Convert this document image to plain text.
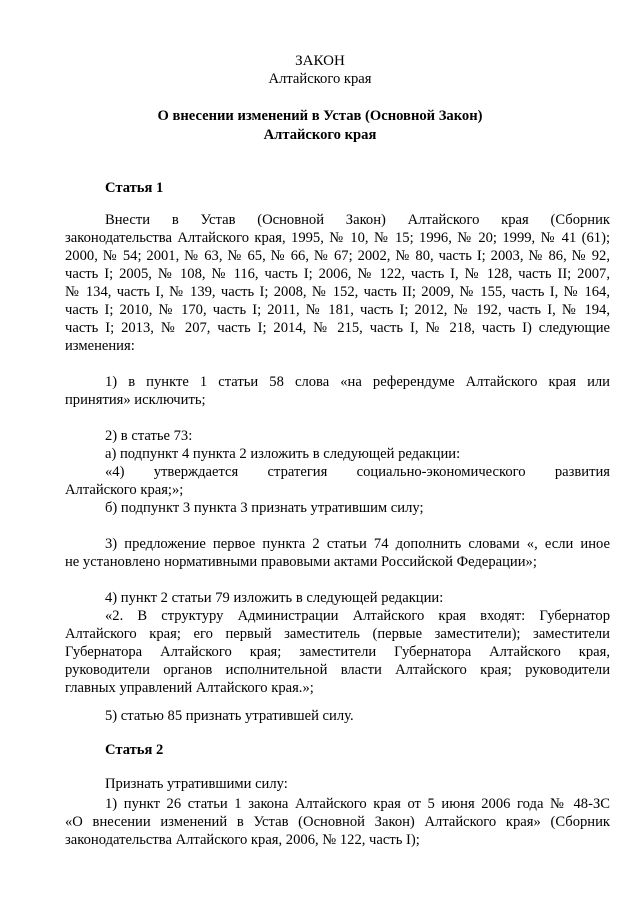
ЗАКОН
Алтайского края
О внесении изменений в Устав (Основной Закон)
Алтайского края
Статья 1
Внести в Устав (Основной Закон) Алтайского края (Сборник
законодательства Алтайского края, 1995, № 10, № 15; 1996, № 20; 1999, № 41 (61);
2000, № 54; 2001, № 63, № 65, № 66, № 67; 2002, № 80, часть I; 2003, № 86, № 92,
часть I; 2005, № 108, № 116, часть I; 2006, № 122, часть I, № 128, часть II; 2007,
№ 134, часть I, № 139, часть I; 2008, № 152, часть II; 2009, № 155, часть I, № 164,
часть I; 2010, № 170, часть I; 2011, № 181, часть I; 2012, № 192, часть I, № 194,
часть I; 2013, № 207, часть I; 2014, № 215, часть I, № 218, часть I) следующие
изменения:
1) в пункте 1 статьи 58 слова «на референдуме Алтайского края или
принятия» исключить;
2) в статье 73:
а) подпункт 4 пункта 2 изложить в следующей редакции:
«4) утверждается стратегия социально-экономического развития
Алтайского края;»;
б) подпункт 3 пункта 3 признать утратившим силу;
3) предложение первое пункта 2 статьи 74 дополнить словами «, если иное
не установлено нормативными правовыми актами Российской Федерации»;
4) пункт 2 статьи 79 изложить в следующей редакции:
«2. В структуру Администрации Алтайского края входят: Губернатор
Алтайского края; его первый заместитель (первые заместители); заместители
Губернатора Алтайского края; заместители Губернатора Алтайского края,
руководители органов исполнительной власти Алтайского края; руководители
главных управлений Алтайского края.»;
5) статью 85 признать утратившей силу.
Статья 2
Признать утратившими силу:
1) пункт 26 статьи 1 закона Алтайского края от 5 июня 2006 года № 48-ЗС
«О внесении изменений в Устав (Основной Закон) Алтайского края» (Сборник
законодательства Алтайского края, 2006, № 122, часть I);
